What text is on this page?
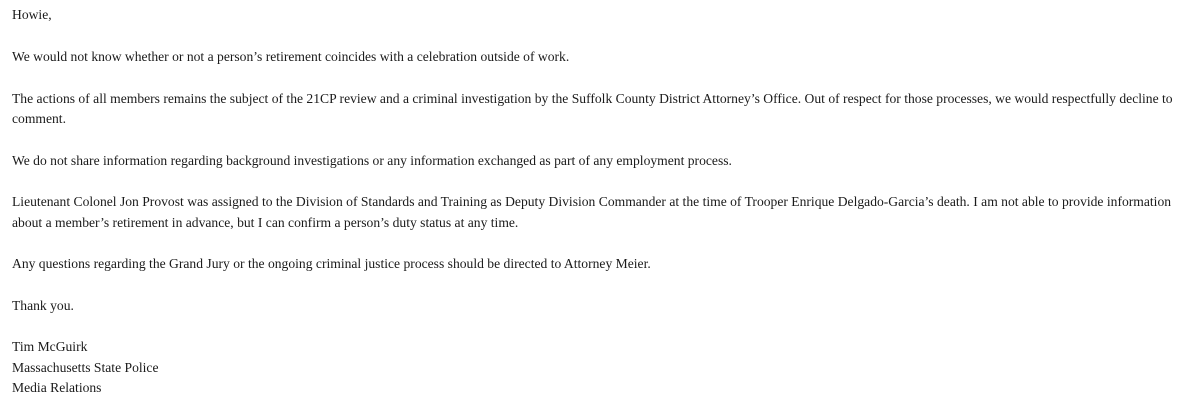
Howie,
We would not know whether or not a person’s retirement coincides with a celebration outside of work.
The actions of all members remains the subject of the 21CP review and a criminal investigation by the Suffolk County District Attorney’s Office. Out of respect for those processes, we would respectfully decline to
comment.
We do not share information regarding background investigations or any information exchanged as part of any employment process.
Lieutenant Colonel Jon Provost was assigned to the Division of Standards and Training as Deputy Division Commander at the time of Trooper Enrique Delgado-Garcia’s death. I am not able to provide information
about a member’s retirement in advance, but I can confirm a person’s duty status at any time.
Any questions regarding the Grand Jury or the ongoing criminal justice process should be directed to Attorney Meier.
Thank you.
Tim McGuirk
Massachusetts State Police
Media Relations
